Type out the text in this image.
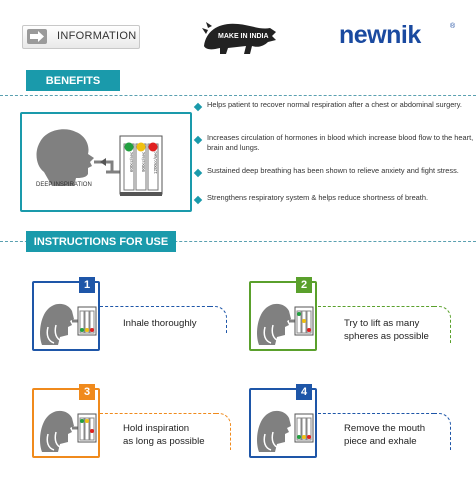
INFORMATION	MAKE IN INDIA	newnik	®
BENEFITS
600cc/sec 900cc/sec 1200cc/sec
DEEP INSPIRATION
Helps patient to recover normal respiration after a chest or abdominal surgery.
Increases circulation of hormones in blood which increase blood flow to the heart, brain and lungs.
Sustained deep breathing has been shown to relieve anxiety and fight stress.
Strengthens respiratory system & helps reduce shortness of breath.
INSTRUCTIONS FOR USE
1
Inhale thoroughly
2
Try to lift as many
spheres as possible
3
Hold inspiration
as long as possible
4
Remove the mouth
piece and exhale
